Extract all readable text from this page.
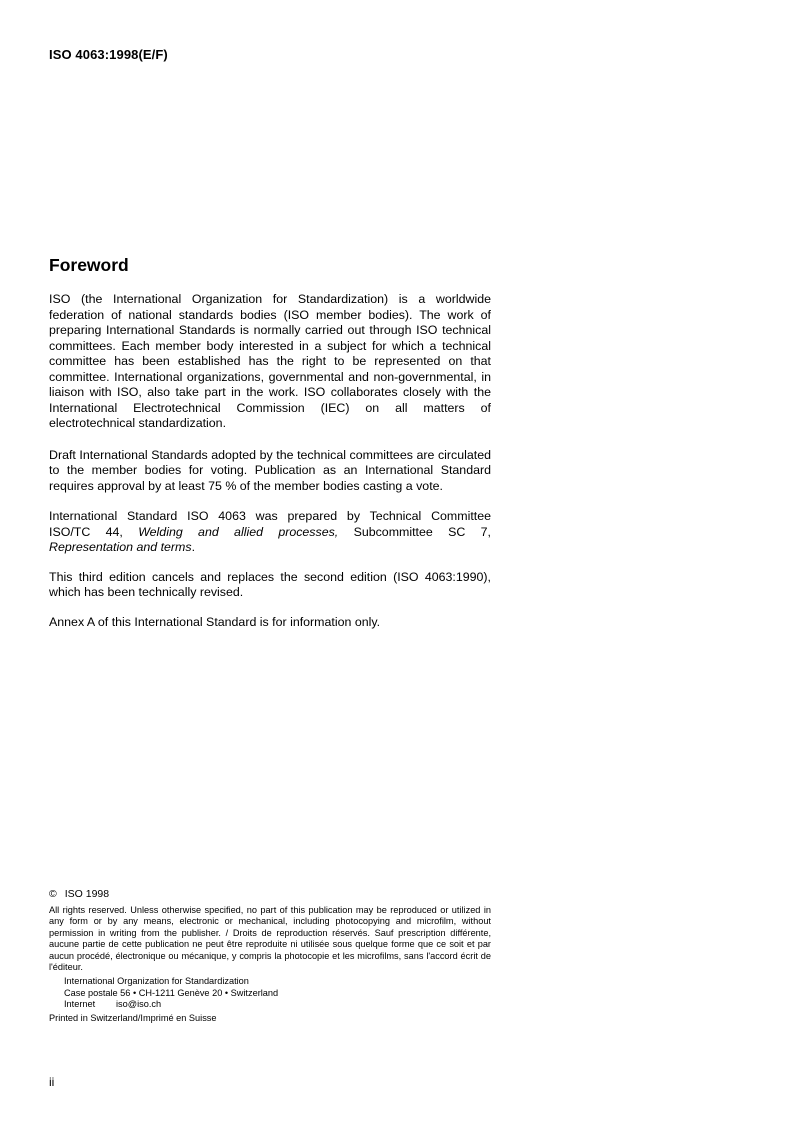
ISO 4063:1998(E/F)
Foreword

ISO (the International Organization for Standardization) is a worldwide federation of national standards bodies (ISO member bodies). The work of preparing International Standards is normally carried out through ISO technical committees. Each member body interested in a subject for which a technical committee has been established has the right to be represented on that committee. International organizations, governmental and non-governmental, in liaison with ISO, also take part in the work. ISO collaborates closely with the International Electrotechnical Commission (IEC) on all matters of electrotechnical standardization.

Draft International Standards adopted by the technical committees are circulated to the member bodies for voting. Publication as an International Standard requires approval by at least 75 % of the member bodies casting a vote.

International Standard ISO 4063 was prepared by Technical Committee
ISO/TC 44, Welding and allied processes, Subcommittee SC 7,
Representation and terms.

This third edition cancels and replaces the second edition (ISO 4063:1990), which has been technically revised.

Annex A of this International Standard is for information only.

© ISO 1998

All rights reserved. Unless otherwise specified, no part of this publication may be reproduced or utilized in any form or by any means, electronic or mechanical, including photocopying and microfilm, without permission in writing from the publisher. / Droits de reproduction réservés. Sauf prescription différente, aucune partie de cette publication ne peut être reproduite ni utilisée sous quelque forme que ce soit et par aucun procédé, électronique ou mécanique, y compris la photocopie et les microfilms, sans l'accord écrit de l'éditeur.

International Organization for Standardization
Case postale 56 • CH-1211 Genève 20 • Switzerland
Internet iso@iso.ch
Printed in Switzerland/Imprimé en Suisse
ii
